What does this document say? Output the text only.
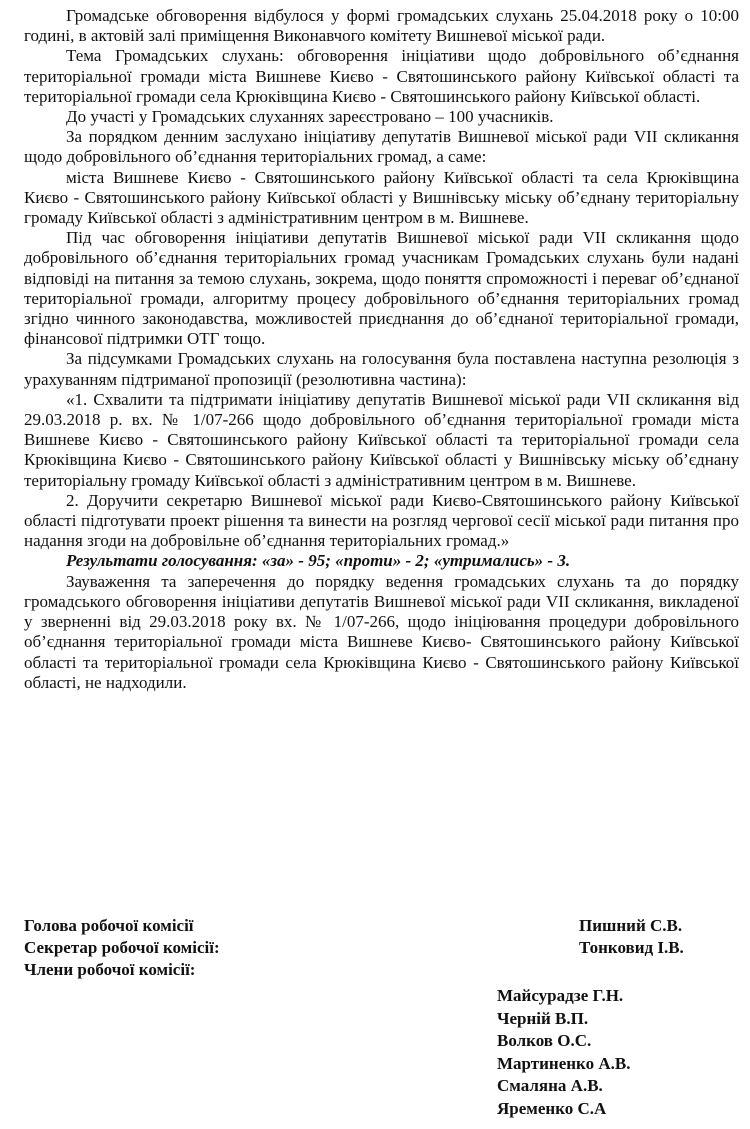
Громадське обговорення відбулося у формі громадських слухань 25.04.2018 року о 10:00 годині, в актовій залі приміщення Виконавчого комітету Вишневої міської ради.

Тема Громадських слухань: обговорення ініціативи щодо добровільного об’єднання територіальної громади міста Вишневе Києво - Святошинського району Київської області та територіальної громади села Крюківщина Києво - Святошинського району Київської області.

До участі у Громадських слуханнях зареєстровано – 100 учасників.

За порядком денним заслухано ініціативу депутатів Вишневої міської ради VII скликання щодо добровільного об’єднання територіальних громад, а саме:

міста Вишневе Києво - Святошинського району Київської області та села Крюківщина Києво - Святошинського району Київської області у Вишнівську міську об’єднану територіальну громаду Київської області з адміністративним центром в м. Вишневе.

Під час обговорення ініціативи депутатів Вишневої міської ради VII скликання щодо добровільного об’єднання територіальних громад учасникам Громадських слухань були надані відповіді на питання за темою слухань, зокрема, щодо поняття спроможності і переваг об’єднаної територіальної громади, алгоритму процесу добровільного об’єднання територіальних громад згідно чинного законодавства, можливостей приєднання до об’єднаної територіальної громади, фінансової підтримки ОТГ тощо.

За підсумками Громадських слухань на голосування була поставлена наступна резолюція з урахуванням підтриманої пропозиції (резолютивна частина):

«1. Схвалити та підтримати ініціативу депутатів Вишневої міської ради VII скликання від 29.03.2018 р. вх. № 1/07-266 щодо добровільного об’єднання територіальної громади міста Вишневе Києво - Святошинського району Київської області та територіальної громади села Крюківщина Києво - Святошинського району Київської області у Вишнівську міську об’єднану територіальну громаду Київської області з адміністративним центром в м. Вишневе.

2. Доручити секретарю Вишневої міської ради Києво-Святошинського району Київської області підготувати проект рішення та винести на розгляд чергової сесії міської ради питання про надання згоди на добровільне об’єднання територіальних громад.»

Результати голосування: «за» - 95; «проти» - 2; «утримались» - 3.

Зауваження та заперечення до порядку ведення громадських слухань та до порядку громадського обговорення ініціативи депутатів Вишневої міської ради VII скликання, викладеної у зверненні від 29.03.2018 року вх. № 1/07-266, щодо ініціювання процедури добровільного об’єднання територіальної громади міста Вишневе Києво- Святошинського району Київської області та територіальної громади села Крюківщина Києво - Святошинського району Київської області, не надходили.

Голова робочої комісії	Пишний С.В.
Секретар робочої комісії:	Тонковид І.В.
Члени робочої комісії:
Майсурадзе Г.Н.
Черній В.П.
Волков О.С.
Мартиненко А.В.
Смаляна А.В.
Яременко С.А
